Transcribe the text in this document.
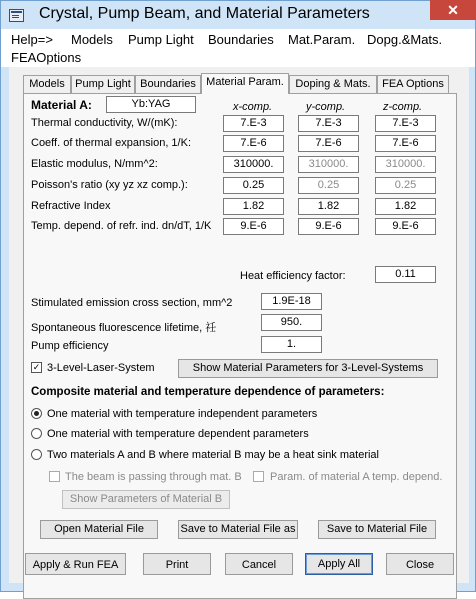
Crystal, Pump Beam, and Material Parameters	✕
Help=> Models Pump Light Boundaries Mat.Param. Dopg.&Mats.
FEAOptions
Models Pump Light Boundaries Material Param.	Doping & Mats.	FEA Options
Material A:	Yb:YAG	x-comp.	y-comp.	z-comp.
Thermal conductivity, W/(mK):	7.E-3	7.E-3	7.E-3
Coeff. of thermal expansion, 1/K:	7.E-6	7.E-6	7.E-6
Elastic modulus, N/mm^2:	310000.	310000.	310000.
Poisson's ratio (xy yz xz comp.):	0.25	0.25	0.25
Refractive Index	1.82	1.82	1.82
Temp. depend. of refr. ind. dn/dT, 1/K	9.E-6	9.E-6	9.E-6
Heat efficiency factor:	0.11
Stimulated emission cross section, mm^2	1.9E-18
Spontaneous fluorescence lifetime, 祍	950.
Pump efficiency	1.
✓ 3-Level-Laser-System	Show Material Parameters for 3-Level-Systems
Composite material and temperature dependence of parameters:
One material with temperature independent parameters
One material with temperature dependent parameters
Two materials A and B where material B may be a heat sink material
The beam is passing through mat. B	Param. of material A temp. depend.
Show Parameters of Material B
Open Material File	Save to Material File as	Save to Material File
Apply & Run FEA	Print	Cancel	Apply All	Close
